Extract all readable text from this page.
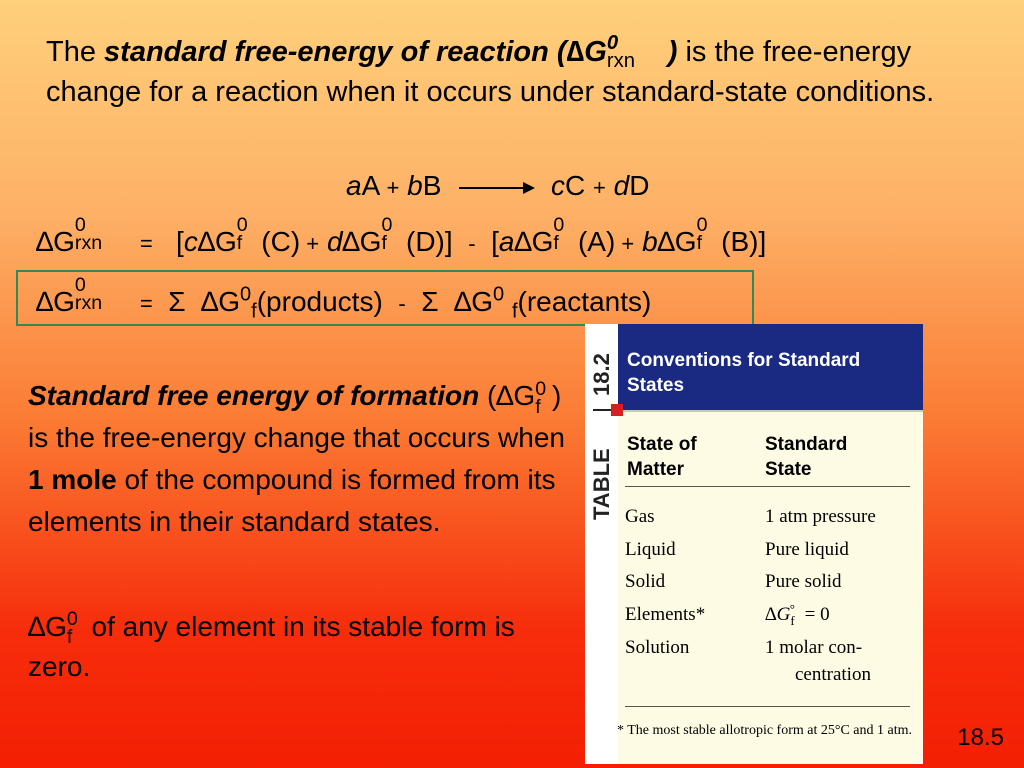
The standard free-energy of reaction (∆G 0
rxn ) is the free-energy change for a reaction when it occurs under standard-state conditions.
aA + bB → cC + dD
∆G
0
rxn = [c∆G
0
f (C) + d∆G
0
f (D)] - [a∆G
0
f (A) + b∆G
0
f (B)]
∆G
0
rxn = Σ $\Delta G^0_f(products)$ - Σ $\Delta G^0$ $_f$(reactants)
Standard free energy of formation (∆G 0
f ) is the free-energy change that occurs when 1 mole of the compound is formed from its elements in their standard states.
∆G 0
f of any element in its stable form is zero.
TABLE
18.2 Conventions for Standard States
State of Matter
Standard State
Gas	1 atm pressure
Liquid	Pure liquid
Solid	Pure solid
Elements*	$\Delta G_f^\circ = 0$
Solution	1 molar con-
centration
* The most stable allotropic form at 25°C and 1 atm.	18.5
